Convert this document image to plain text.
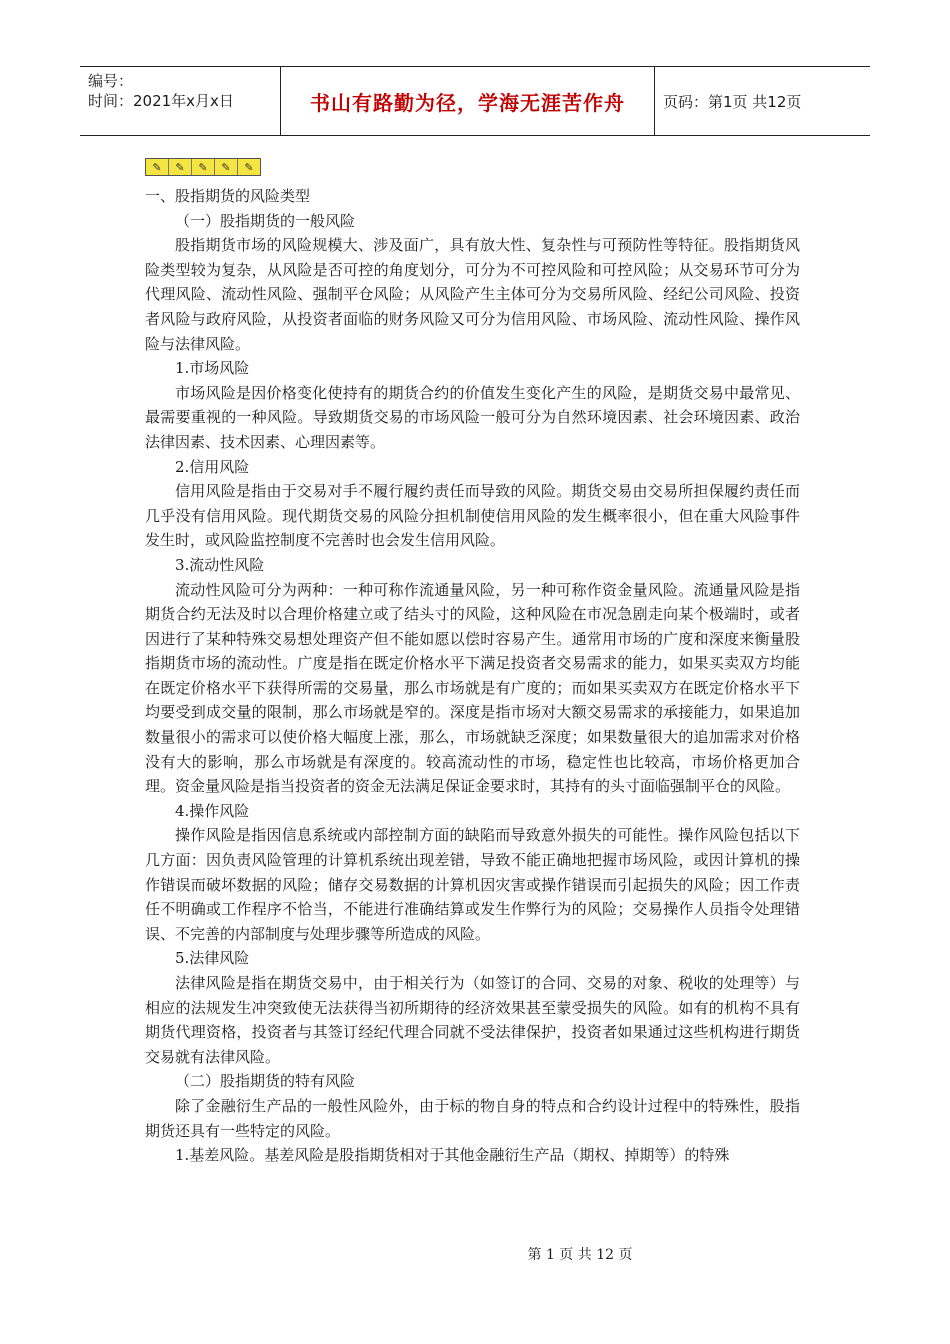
编号：
时间：2021年x月x日	书山有路勤为径，学海无涯苦作舟	页码：第1页 共12页
✎	✎	✎	✎	✎

一、股指期货的风险类型

（一）股指期货的一般风险

股指期货市场的风险规模大、涉及面广，具有放大性、复杂性与可预防性等特征。股指期货风险类型较为复杂，从风险是否可控的角度划分，可分为不可控风险和可控风险；从交易环节可分为代理风险、流动性风险、强制平仓风险；从风险产生主体可分为交易所风险、经纪公司风险、投资者风险与政府风险，从投资者面临的财务风险又可分为信用风险、市场风险、流动性风险、操作风险与法律风险。

1.市场风险

市场风险是因价格变化使持有的期货合约的价值发生变化产生的风险，是期货交易中最常见、最需要重视的一种风险。导致期货交易的市场风险一般可分为自然环境因素、社会环境因素、政治法律因素、技术因素、心理因素等。

2.信用风险

信用风险是指由于交易对手不履行履约责任而导致的风险。期货交易由交易所担保履约责任而几乎没有信用风险。现代期货交易的风险分担机制使信用风险的发生概率很小，但在重大风险事件发生时，或风险监控制度不完善时也会发生信用风险。

3.流动性风险

流动性风险可分为两种：一种可称作流通量风险，另一种可称作资金量风险。流通量风险是指期货合约无法及时以合理价格建立或了结头寸的风险，这种风险在市况急剧走向某个极端时，或者因进行了某种特殊交易想处理资产但不能如愿以偿时容易产生。通常用市场的广度和深度来衡量股指期货市场的流动性。广度是指在既定价格水平下满足投资者交易需求的能力，如果买卖双方均能在既定价格水平下获得所需的交易量，那么市场就是有广度的；而如果买卖双方在既定价格水平下均要受到成交量的限制，那么市场就是窄的。深度是指市场对大额交易需求的承接能力，如果追加数量很小的需求可以使价格大幅度上涨，那么，市场就缺乏深度；如果数量很大的追加需求对价格没有大的影响，那么市场就是有深度的。较高流动性的市场，稳定性也比较高，市场价格更加合理。资金量风险是指当投资者的资金无法满足保证金要求时，其持有的头寸面临强制平仓的风险。

4.操作风险

操作风险是指因信息系统或内部控制方面的缺陷而导致意外损失的可能性。操作风险包括以下几方面：因负责风险管理的计算机系统出现差错，导致不能正确地把握市场风险，或因计算机的操作错误而破坏数据的风险；储存交易数据的计算机因灾害或操作错误而引起损失的风险；因工作责任不明确或工作程序不恰当，不能进行准确结算或发生作弊行为的风险；交易操作人员指令处理错误、不完善的内部制度与处理步骤等所造成的风险。

5.法律风险

法律风险是指在期货交易中，由于相关行为（如签订的合同、交易的对象、税收的处理等）与相应的法规发生冲突致使无法获得当初所期待的经济效果甚至蒙受损失的风险。如有的机构不具有期货代理资格，投资者与其签订经纪代理合同就不受法律保护，投资者如果通过这些机构进行期货交易就有法律风险。

（二）股指期货的特有风险

除了金融衍生产品的一般性风险外，由于标的物自身的特点和合约设计过程中的特殊性，股指期货还具有一些特定的风险。

1.基差风险。基差风险是股指期货相对于其他金融衍生产品（期权、掉期等）的特殊

第 1 页 共 12 页
